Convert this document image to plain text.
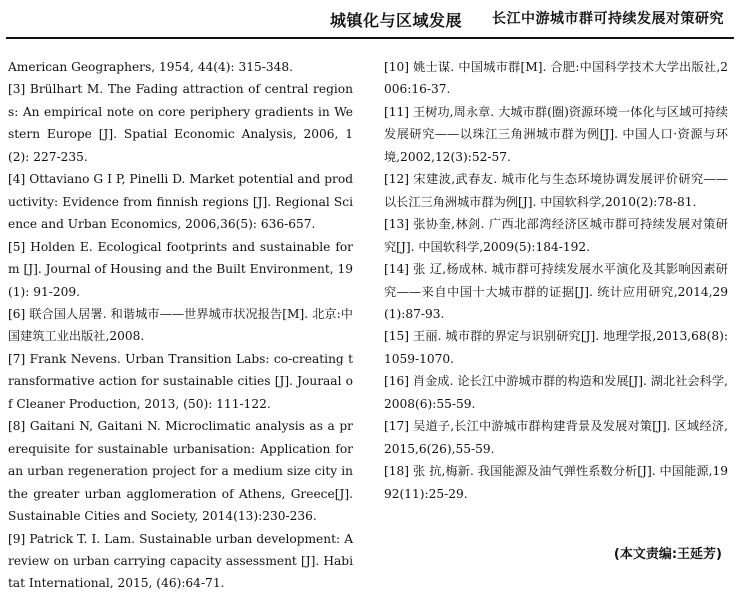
城镇化与区域发展 长江中游城市群可持续发展对策研究

American Geographers, 1954, 44(4): 315-348.

[3] Brülhart M. The Fading attraction of central regions: An empirical note on core periphery gradients in Western Europe [J]. Spatial Economic Analysis, 2006, 1(2): 227-235.

[4] Ottaviano G I P, Pinelli D. Market potential and productivity: Evidence from finnish regions [J]. Regional Science and Urban Economics, 2006,36(5): 636-657.

[5] Holden E. Ecological footprints and sustainable form [J]. Journal of Housing and the Built Environment, 19 (1): 91-209.

[6] 联合国人居署. 和谐城市——世界城市状况报告[M]. 北京:中国建筑工业出版社,2008.

[7] Frank Nevens. Urban Transition Labs: co-creating transformative action for sustainable cities [J]. Jouraal of Cleaner Production, 2013, (50): 111-122.

[8] Gaitani N, Gaitani N. Microclimatic analysis as a prerequisite for sustainable urbanisation: Application for an urban regeneration project for a medium size city in the greater urban agglomeration of Athens, Greece[J]. Sustainable Cities and Society, 2014(13):230-236.

[9] Patrick T. I. Lam. Sustainable urban development: A review on urban carrying capacity assessment [J]. Habitat International, 2015, (46):64-71.

[10] 姚士谋. 中国城市群[M]. 合肥:中国科学技术大学出版社,2006:16-37.

[11] 王树功,周永章. 大城市群(圈)资源环境一体化与区域可持续发展研究——以珠江三角洲城市群为例[J]. 中国人口·资源与环境,2002,12(3):52-57.

[12] 宋建波,武春友. 城市化与生态环境协调发展评价研究——以长江三角洲城市群为例[J]. 中国软科学,2010(2):78-81.

[13] 张协奎,林剑. 广西北部湾经济区城市群可持续发展对策研究[J]. 中国软科学,2009(5):184-192.

[14] 张 辽,杨成林. 城市群可持续发展水平演化及其影响因素研究——来自中国十大城市群的证据[J]. 统计应用研究,2014,29(1):87-93.

[15] 王丽. 城市群的界定与识别研究[J]. 地理学报,2013,68(8):1059-1070.

[16] 肖金成. 论长江中游城市群的构造和发展[J]. 湖北社会科学,2008(6):55-59.

[17] 吴道子,长江中游城市群构建背景及发展对策[J]. 区域经济,2015,6(26),55-59.

[18] 张 抗,梅新. 我国能源及油气弹性系数分析[J]. 中国能源,1992(11):25-29.

(本文责编:王延芳)
